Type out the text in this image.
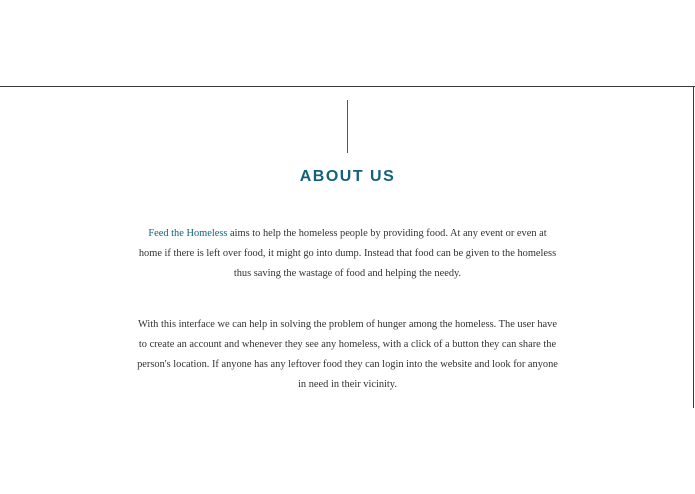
ABOUT US

Feed the Homeless aims to help the homeless people by providing food. At any event or even at home if there is left over food, it might go into dump. Instead that food can be given to the homeless thus saving the wastage of food and helping the needy.

With this interface we can help in solving the problem of hunger among the homeless. The user have to create an account and whenever they see any homeless, with a click of a button they can share the person's location. If anyone has any leftover food they can login into the website and look for anyone in need in their vicinity.
